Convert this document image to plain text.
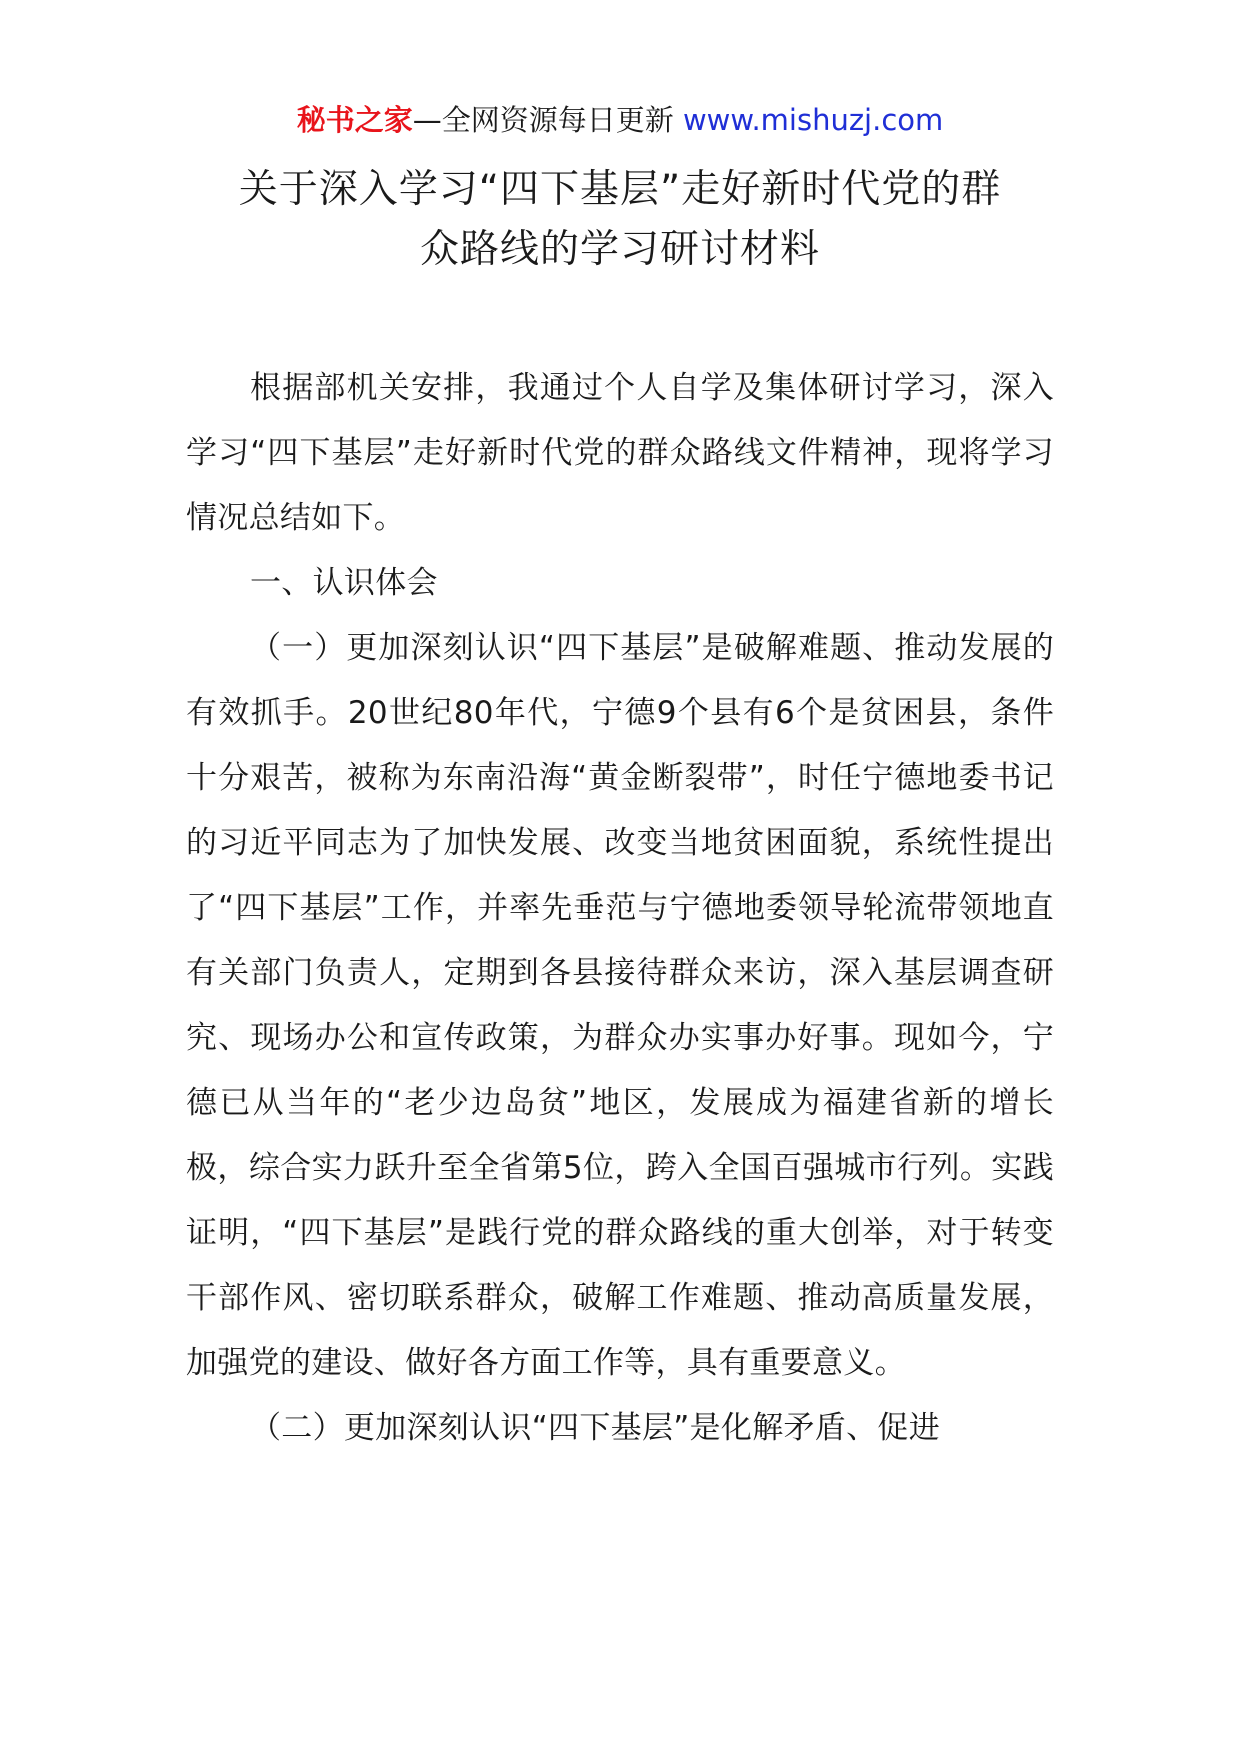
秘书之家—全网资源每日更新 www.mishuzj.com
关于深入学习“四下基层”走好新时代党的群
众路线的学习研讨材料

根据部机关安排，我通过个人自学及集体研讨学习，深入学习“四下基层”走好新时代党的群众路线文件精神，现将学习情况总结如下。

一、认识体会

（一）更加深刻认识“四下基层”是破解难题、推动发展的有效抓手。20世纪80年代，宁德9个县有6个是贫困县，条件十分艰苦，被称为东南沿海“黄金断裂带”，时任宁德地委书记的习近平同志为了加快发展、改变当地贫困面貌，系统性提出了“四下基层”工作，并率先垂范与宁德地委领导轮流带领地直有关部门负责人，定期到各县接待群众来访，深入基层调查研究、现场办公和宣传政策，为群众办实事办好事。现如今，宁德已从当年的“老少边岛贫”地区，发展成为福建省新的增长极，综合实力跃升至全省第5位，跨入全国百强城市行列。实践证明，“四下基层”是践行党的群众路线的重大创举，对于转变干部作风、密切联系群众，破解工作难题、推动高质量发展，加强党的建设、做好各方面工作等，具有重要意义。

（二）更加深刻认识“四下基层”是化解矛盾、促进
